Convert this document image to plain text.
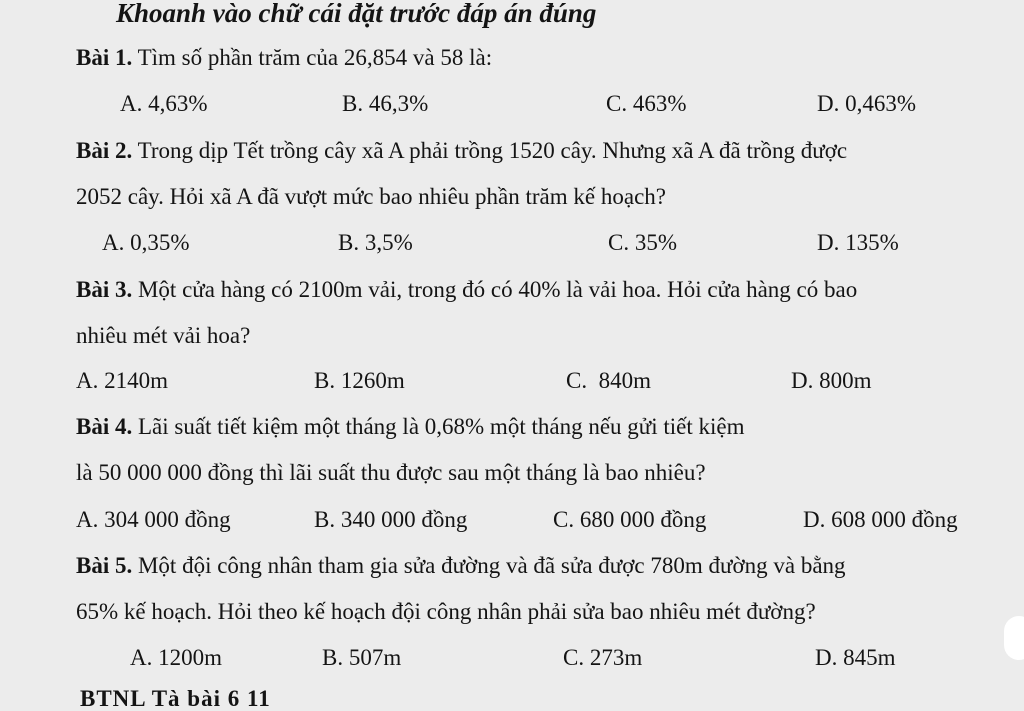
Khoanh vào chữ cái đặt trước đáp án đúng
Bài 1. Tìm số phần trăm của 26,854 và 58 là:
A. 4,63%	B. 46,3%	C. 463%	D. 0,463%
Bài 2. Trong dịp Tết trồng cây xã A phải trồng 1520 cây. Nhưng xã A đã trồng được
2052 cây. Hỏi xã A đã vượt mức bao nhiêu phần trăm kế hoạch?
A. 0,35%	B. 3,5%	C. 35%	D. 135%
Bài 3. Một cửa hàng có 2100m vải, trong đó có 40% là vải hoa. Hỏi cửa hàng có bao
nhiêu mét vải hoa?
A. 2140m	B. 1260m	C.  840m	D. 800m
Bài 4. Lãi suất tiết kiệm một tháng là 0,68% một tháng nếu gửi tiết kiệm
là 50 000 000 đồng thì lãi suất thu được sau một tháng là bao nhiêu?
A. 304 000 đồng	B. 340 000 đồng	C. 680 000 đồng	D. 608 000 đồng
Bài 5. Một đội công nhân tham gia sửa đường và đã sửa được 780m đường và bằng
65% kế hoạch. Hỏi theo kế hoạch đội công nhân phải sửa bao nhiêu mét đường?
A. 1200m	B. 507m	C. 273m	D. 845m
BTNL Tà bài 6 11
